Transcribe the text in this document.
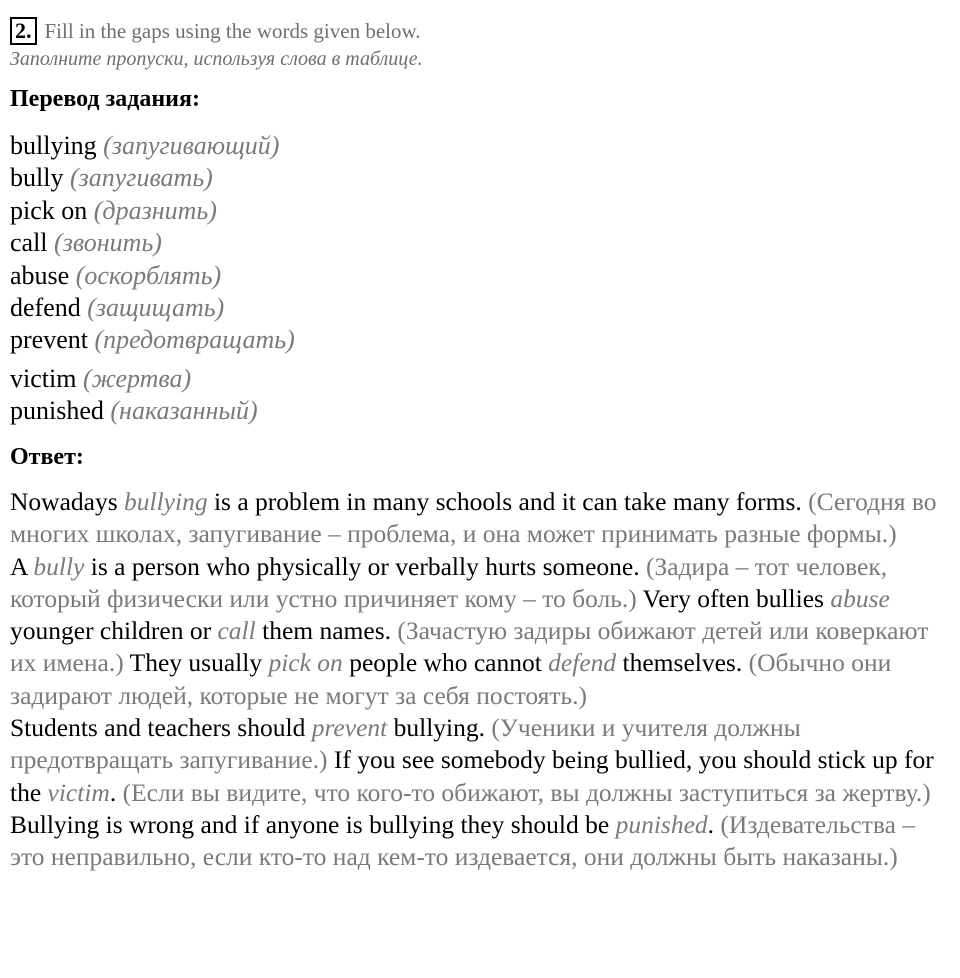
2. Fill in the gaps using the words given below.
Заполните пропуски, используя слова в таблице.
Перевод задания:
bullying (запугивающий)
bully (запугивать)
pick on (дразнить)
call (звонить)
abuse (оскорблять)
defend (защищать)
prevent (предотвращать)
victim (жертва)
punished (наказанный)
Ответ:

Nowadays bullying is a problem in many schools and it can take many forms. (Сегодня во многих школах, запугивание – проблема, и она может принимать разные формы.)

A bully is a person who physically or verbally hurts someone. (Задира – тот человек, который физически или устно причиняет кому – то боль.) Very often bullies abuse younger children or call them names. (Зачастую задиры обижают детей или коверкают их имена.) They usually pick on people who cannot defend themselves. (Обычно они задирают людей, которые не могут за себя постоять.)

Students and teachers should prevent bullying. (Ученики и учителя должны предотвращать запугивание.) If you see somebody being bullied, you should stick up for the victim. (Если вы видите, что кого-то обижают, вы должны заступиться за жертву.) Bullying is wrong and if anyone is bullying they should be punished. (Издевательства – это неправильно, если кто-то над кем-то издевается, они должны быть наказаны.)
